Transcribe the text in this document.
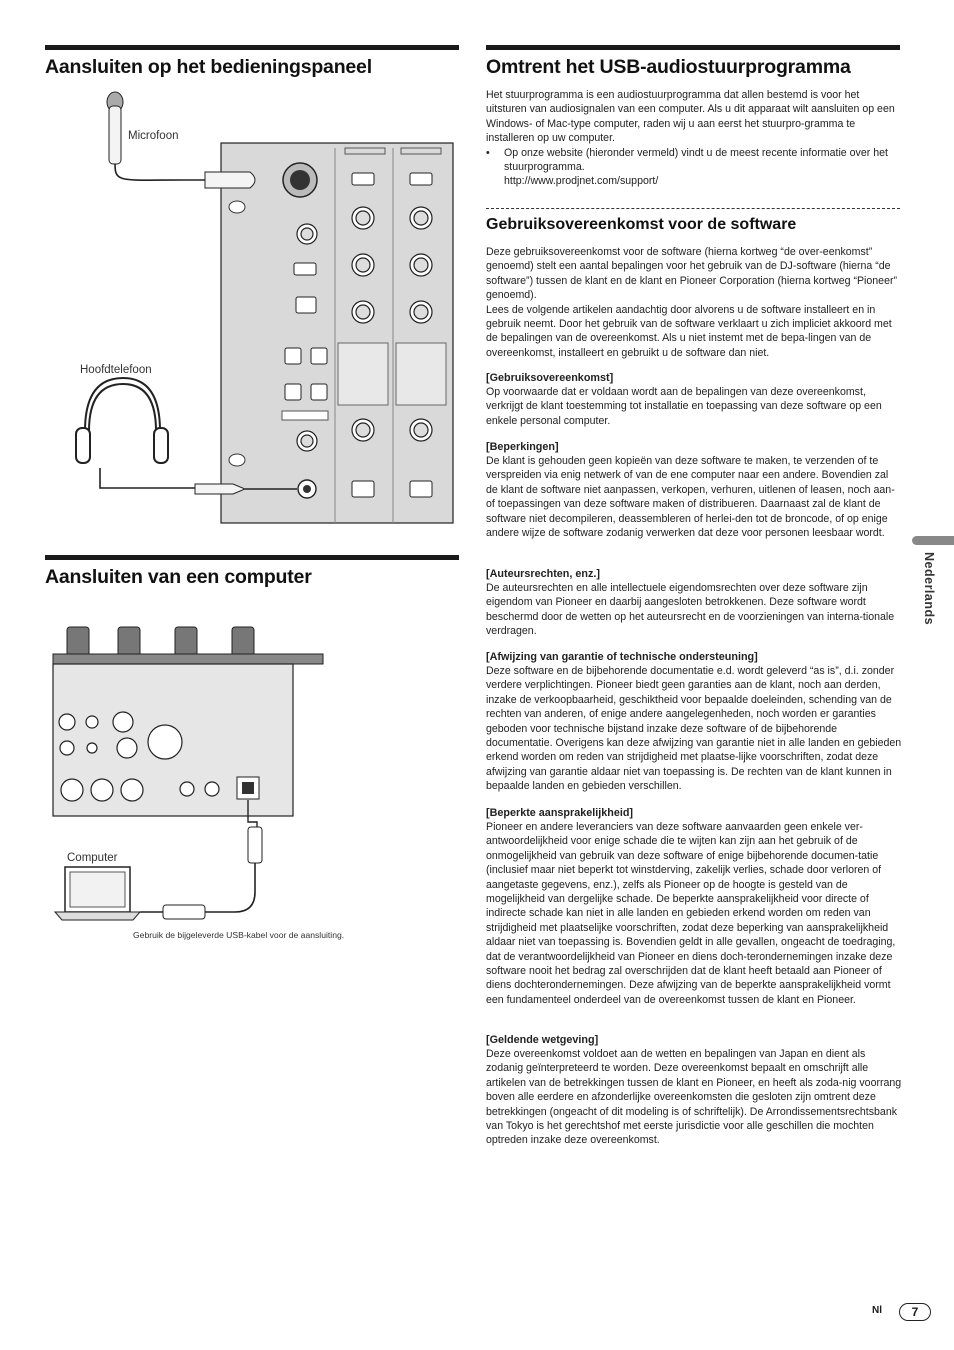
Aansluiten op het bedieningspaneel
Microfoon
Hoofdtelefoon
Aansluiten van een computer
Computer
Gebruik de bijgeleverde USB-kabel voor de aansluiting.
Omtrent het USB-audiostuurprogramma

Het stuurprogramma is een audiostuurprogramma dat allen bestemd is voor het uitsturen van audiosignalen van een computer. Als u dit apparaat wilt aansluiten op een Windows- of Mac-type computer, raden wij u aan eerst het stuurpro-gramma te installeren op uw computer.

• Op onze website (hieronder vermeld) vindt u de meest recente informatie over het stuurprogramma.

http://www.prodjnet.com/support/

Gebruiksovereenkomst voor de software

Deze gebruiksovereenkomst voor de software (hierna kortweg “de over-eenkomst” genoemd) stelt een aantal bepalingen voor het gebruik van de DJ-software (hierna “de software”) tussen de klant en de klant en Pioneer Corporation (hierna kortweg “Pioneer” genoemd).

Lees de volgende artikelen aandachtig door alvorens u de software installeert en in gebruik neemt. Door het gebruik van de software verklaart u zich impliciet akkoord met de bepalingen van de overeenkomst. Als u niet instemt met de bepa-lingen van de overeenkomst, installeert en gebruikt u de software dan niet.

[Gebruiksovereenkomst]

Op voorwaarde dat er voldaan wordt aan de bepalingen van deze overeenkomst, verkrijgt de klant toestemming tot installatie en toepassing van deze software op een enkele personal computer.

[Beperkingen]

De klant is gehouden geen kopieën van deze software te maken, te verzenden of te verspreiden via enig netwerk of van de ene computer naar een andere. Bovendien zal de klant de software niet aanpassen, verkopen, verhuren, uitlenen of leasen, noch aan- of toepassingen van deze software maken of distribueren. Daarnaast zal de klant de software niet decompileren, deassembleren of herlei-den tot de broncode, of op enige andere wijze de software zodanig verwerken dat deze voor personen leesbaar wordt.

[Auteursrechten, enz.]

De auteursrechten en alle intellectuele eigendomsrechten over deze software zijn eigendom van Pioneer en daarbij aangesloten betrokkenen. Deze software wordt beschermd door de wetten op het auteursrecht en de voorzieningen van interna-tionale verdragen.

[Afwijzing van garantie of technische ondersteuning]

Deze software en de bijbehorende documentatie e.d. wordt geleverd “as is”, d.i. zonder verdere verplichtingen. Pioneer biedt geen garanties aan de klant, noch aan derden, inzake de verkoopbaarheid, geschiktheid voor bepaalde doeleinden, schending van de rechten van anderen, of enige andere aangelegenheden, noch worden er garanties geboden voor technische bijstand inzake deze software of de bijbehorende documentatie. Overigens kan deze afwijzing van garantie niet in alle landen en gebieden erkend worden om reden van strijdigheid met plaatse-lijke voorschriften, zodat deze afwijzing van garantie aldaar niet van toepassing is. De rechten van de klant kunnen in bepaalde landen en gebieden verschillen.

[Beperkte aansprakelijkheid]

Pioneer en andere leveranciers van deze software aanvaarden geen enkele ver-antwoordelijkheid voor enige schade die te wijten kan zijn aan het gebruik of de onmogelijkheid van gebruik van deze software of enige bijbehorende documen-tatie (inclusief maar niet beperkt tot winstderving, zakelijk verlies, schade door verloren of aangetaste gegevens, enz.), zelfs als Pioneer op de hoogte is gesteld van de mogelijkheid van dergelijke schade. De beperkte aansprakelijkheid voor directe of indirecte schade kan niet in alle landen en gebieden erkend worden om reden van strijdigheid met plaatselijke voorschriften, zodat deze beperking van aansprakelijkheid aldaar niet van toepassing is. Bovendien geldt in alle gevallen, ongeacht de toedraging, dat de verantwoordelijkheid van Pioneer en diens doch-terondernemingen inzake deze software nooit het bedrag zal overschrijden dat de klant heeft betaald aan Pioneer of diens dochterondernemingen. Deze afwijzing van de beperkte aansprakelijkheid vormt een fundamenteel onderdeel van de overeenkomst tussen de klant en Pioneer.

[Geldende wetgeving]

Deze overeenkomst voldoet aan de wetten en bepalingen van Japan en dient als zodanig geïnterpreteerd te worden. Deze overeenkomst bepaalt en omschrijft alle artikelen van de betrekkingen tussen de klant en Pioneer, en heeft als zoda-nig voorrang boven alle eerdere en afzonderlijke overeenkomsten die gesloten zijn omtrent deze betrekkingen (ongeacht of dit modeling is of schriftelijk). De Arrondissementsrechtsbank van Tokyo is het gerechtshof met eerste jurisdictie voor alle geschillen die mochten optreden inzake deze overeenkomst.

Nederlands
Nl	7
